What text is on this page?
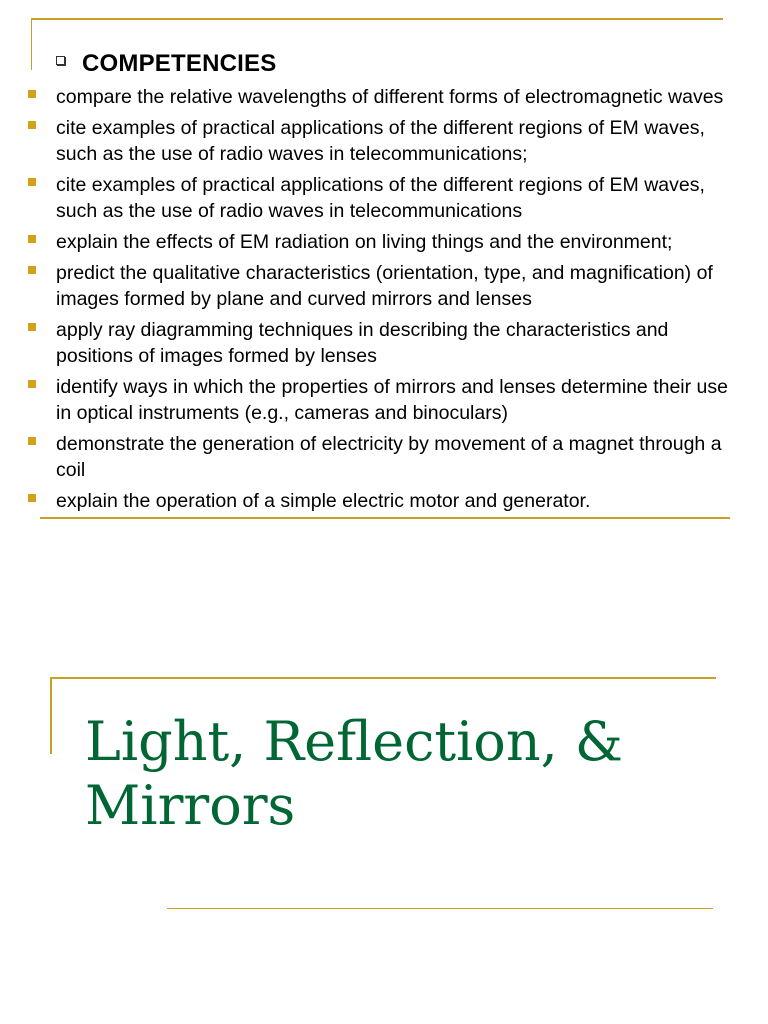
COMPETENCIES
compare the relative wavelengths of different forms of electromagnetic waves
cite examples of practical applications of the different regions of EM waves, such as the use of radio waves in telecommunications;
cite examples of practical applications of the different regions of EM waves, such as the use of radio waves in telecommunications
explain the effects of EM radiation on living things and the environment;
predict the qualitative characteristics (orientation, type, and magnification) of images formed by plane and curved mirrors and lenses
apply ray diagramming techniques in describing the characteristics and positions of images formed by lenses
identify ways in which the properties of mirrors and lenses determine their use in optical instruments (e.g., cameras and binoculars)
demonstrate the generation of electricity by movement of a magnet through a coil
explain the operation of a simple electric motor and generator.
Light, Reflection, & Mirrors
